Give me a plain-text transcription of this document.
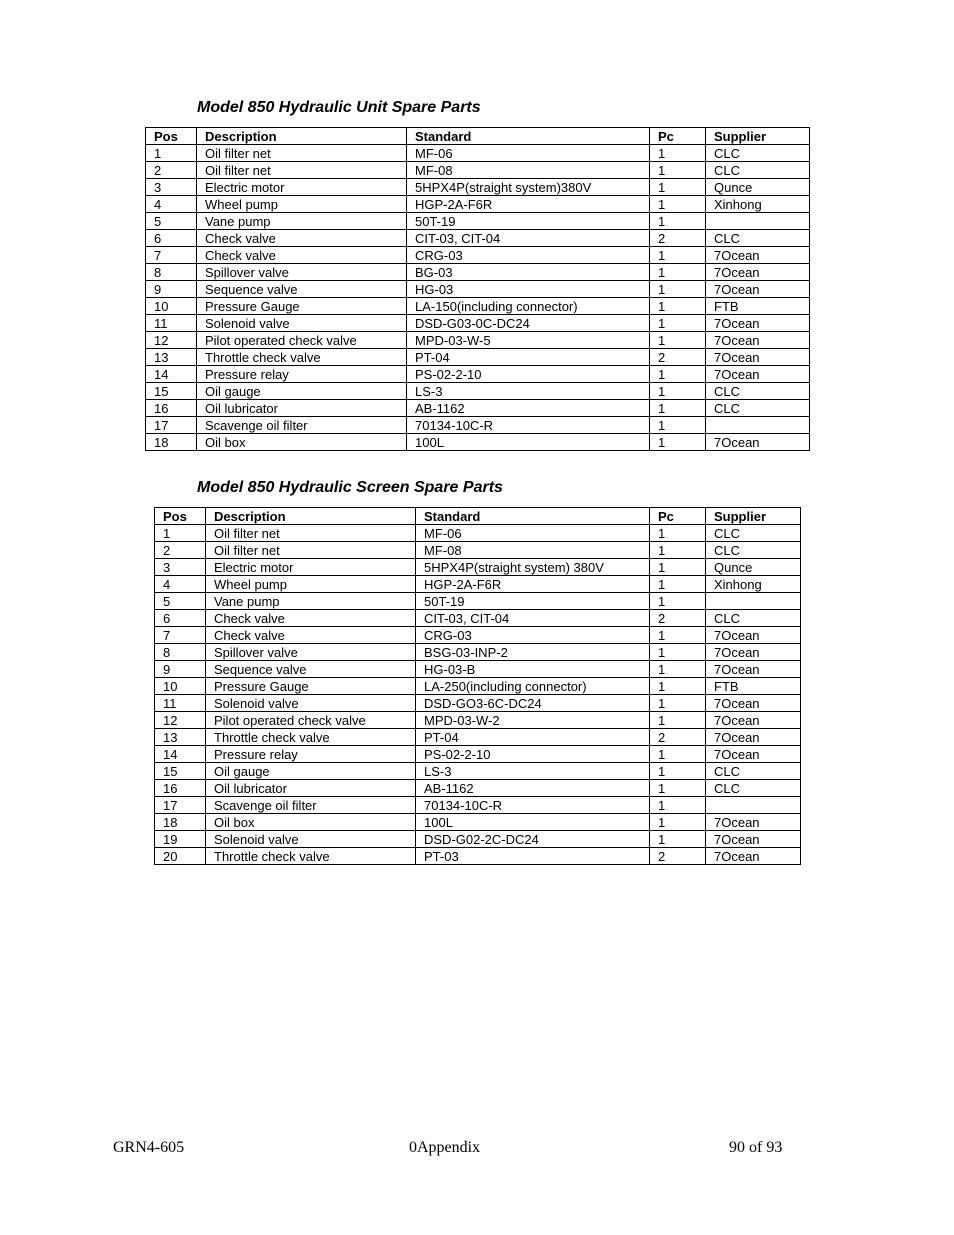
Model 850 Hydraulic Unit Spare Parts
Pos	Description	Standard	Pc	Supplier
1	Oil filter net	MF-06	1	CLC
2	Oil filter net	MF-08	1	CLC
3	Electric motor	5HPX4P(straight system)380V	1	Qunce
4	Wheel pump	HGP-2A-F6R	1	Xinhong
5	Vane pump	50T-19	1	
6	Check valve	CIT-03, CIT-04	2	CLC
7	Check valve	CRG-03	1	7Ocean
8	Spillover valve	BG-03	1	7Ocean
9	Sequence valve	HG-03	1	7Ocean
10	Pressure Gauge	LA-150(including connector)	1	FTB
11	Solenoid valve	DSD-G03-0C-DC24	1	7Ocean
12	Pilot operated check valve	MPD-03-W-5	1	7Ocean
13	Throttle check valve	PT-04	2	7Ocean
14	Pressure relay	PS-02-2-10	1	7Ocean
15	Oil gauge	LS-3	1	CLC
16	Oil lubricator	AB-1162	1	CLC
17	Scavenge oil filter	70134-10C-R	1	
18	Oil box	100L	1	7Ocean
Model 850 Hydraulic Screen Spare Parts
Pos	Description	Standard	Pc	Supplier
1	Oil filter net	MF-06	1	CLC
2	Oil filter net	MF-08	1	CLC
3	Electric motor	5HPX4P(straight system) 380V	1	Qunce
4	Wheel pump	HGP-2A-F6R	1	Xinhong
5	Vane pump	50T-19	1	
6	Check valve	CIT-03, CIT-04	2	CLC
7	Check valve	CRG-03	1	7Ocean
8	Spillover valve	BSG-03-INP-2	1	7Ocean
9	Sequence valve	HG-03-B	1	7Ocean
10	Pressure Gauge	LA-250(including connector)	1	FTB
11	Solenoid valve	DSD-GO3-6C-DC24	1	7Ocean
12	Pilot operated check valve	MPD-03-W-2	1	7Ocean
13	Throttle check valve	PT-04	2	7Ocean
14	Pressure relay	PS-02-2-10	1	7Ocean
15	Oil gauge	LS-3	1	CLC
16	Oil lubricator	AB-1162	1	CLC
17	Scavenge oil filter	70134-10C-R	1	
18	Oil box	100L	1	7Ocean
19	Solenoid valve	DSD-G02-2C-DC24	1	7Ocean
20	Throttle check valve	PT-03	2	7Ocean
GRN4-605	0Appendix	90 of 93
